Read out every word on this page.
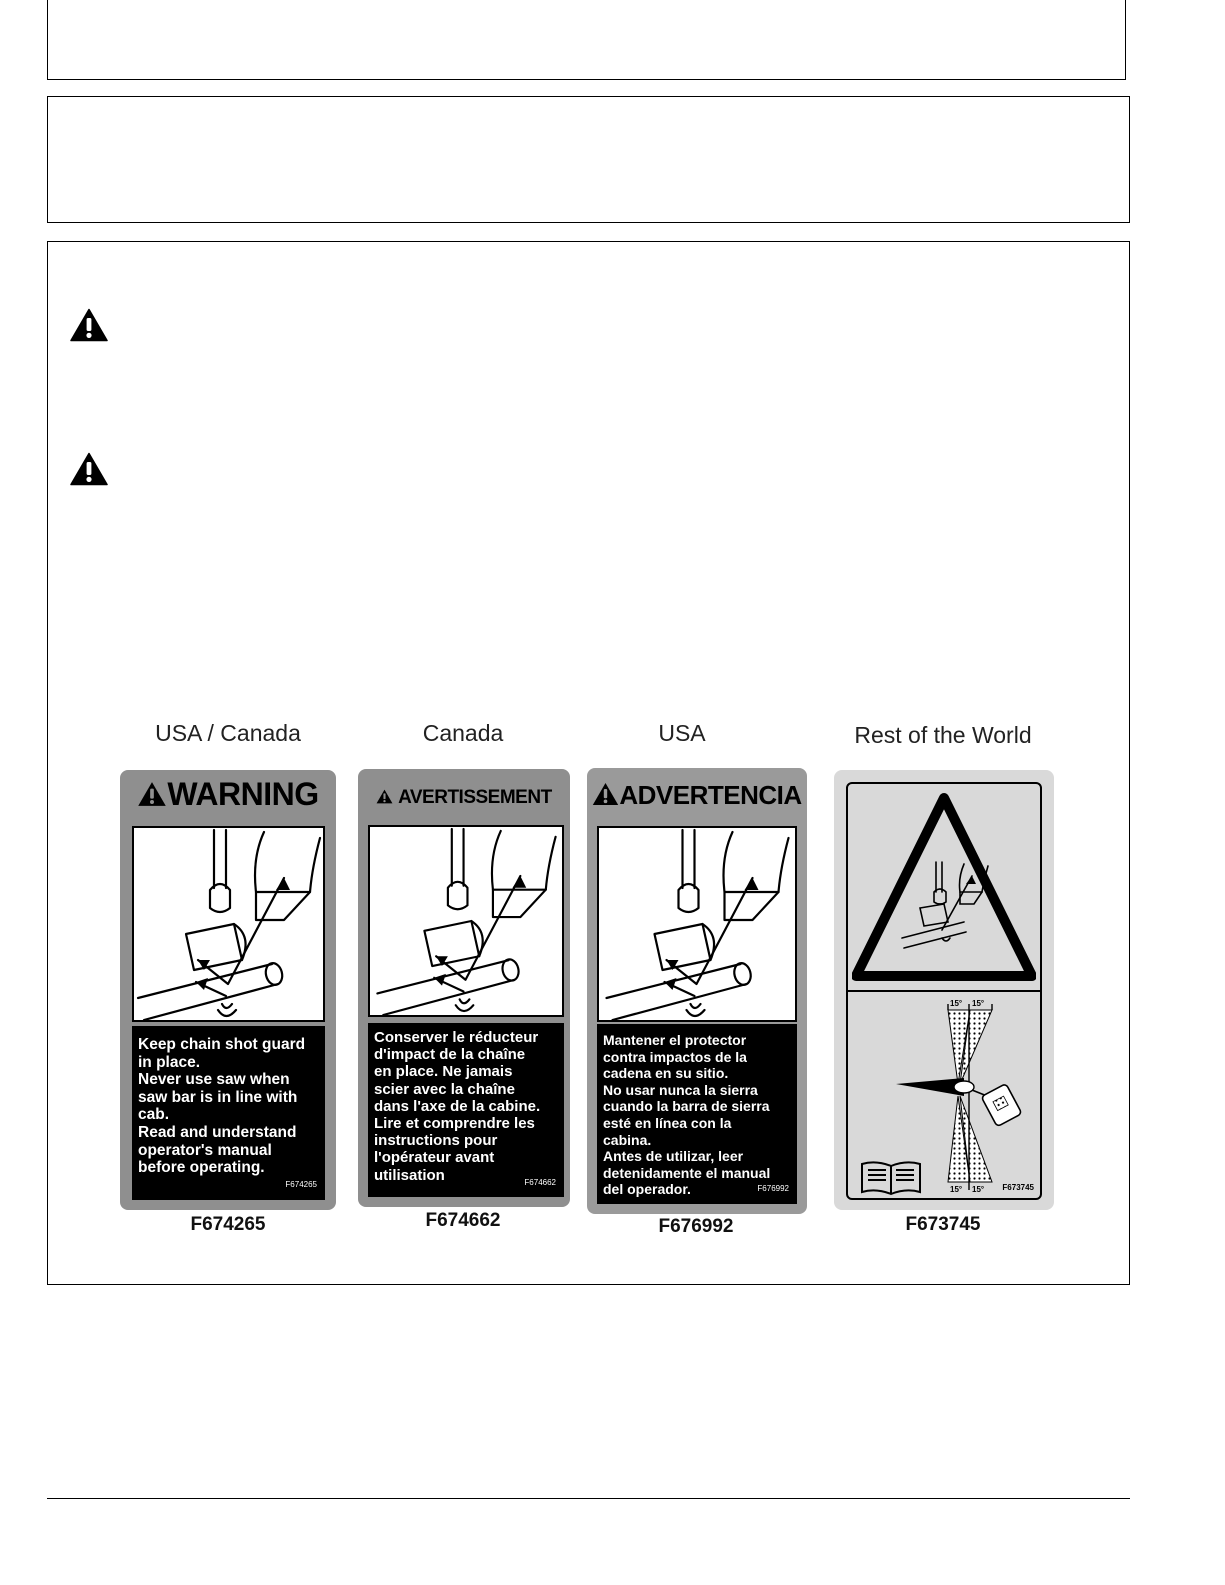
USA / Canada
WARNING
Keep chain shot guard
in place.
Never use saw when
saw bar is in line with
cab.
Read and understand
operator's manual
before operating.
F674265
F674265
Canada
AVERTISSEMENT
Conserver le réducteur
d'impact de la chaîne
en place. Ne jamais
scier avec la chaîne
dans l'axe de la cabine.
Lire et comprendre les
instructions pour
l'opérateur avant
utilisation	F674662
F674662
USA
ADVERTENCIA
Mantener el protector
contra impactos de la
cadena en su sitio.
No usar nunca la sierra
cuando la barra de sierra
esté en línea con la
cabina.
Antes de utilizar, leer
detenidamente el manual
del operador.	F676992
F676992
Rest of the World
15° 15°
15° 15° F673745
F673745
